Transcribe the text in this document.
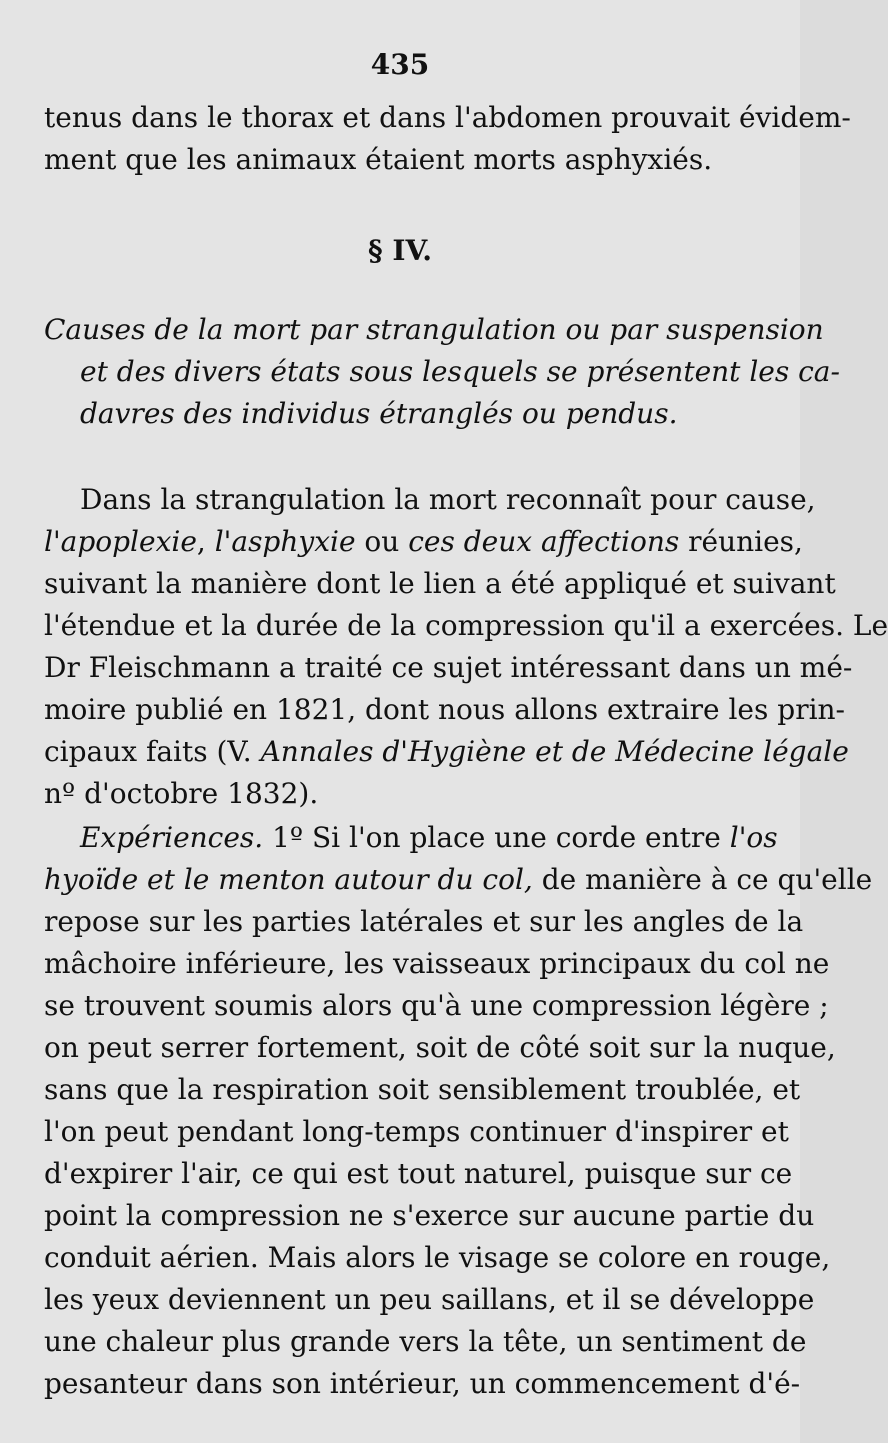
435
tenus dans le thorax et dans l'abdomen prouvait évidem-
ment que les animaux étaient morts asphyxiés.
§ IV.
Causes de la mort par strangulation ou par suspension
et des divers états sous lesquels se présentent les ca-
davres des individus étranglés ou pendus.
Dans la strangulation la mort reconnaît pour cause,
l'apoplexie, l'asphyxie ou ces deux affections réunies,
suivant la manière dont le lien a été appliqué et suivant
l'étendue et la durée de la compression qu'il a exercées. Le
Dr Fleischmann a traité ce sujet intéressant dans un mé-
moire publié en 1821, dont nous allons extraire les prin-
cipaux faits (V. Annales d'Hygiène et de Médecine légale
nº d'octobre 1832).
Expériences. 1º Si l'on place une corde entre l'os
hyoïde et le menton autour du col, de manière à ce qu'elle
repose sur les parties latérales et sur les angles de la
mâchoire inférieure, les vaisseaux principaux du col ne
se trouvent soumis alors qu'à une compression légère ;
on peut serrer fortement, soit de côté soit sur la nuque,
sans que la respiration soit sensiblement troublée, et
l'on peut pendant long-temps continuer d'inspirer et
d'expirer l'air, ce qui est tout naturel, puisque sur ce
point la compression ne s'exerce sur aucune partie du
conduit aérien. Mais alors le visage se colore en rouge,
les yeux deviennent un peu saillans, et il se développe
une chaleur plus grande vers la tête, un sentiment de
pesanteur dans son intérieur, un commencement d'é-
